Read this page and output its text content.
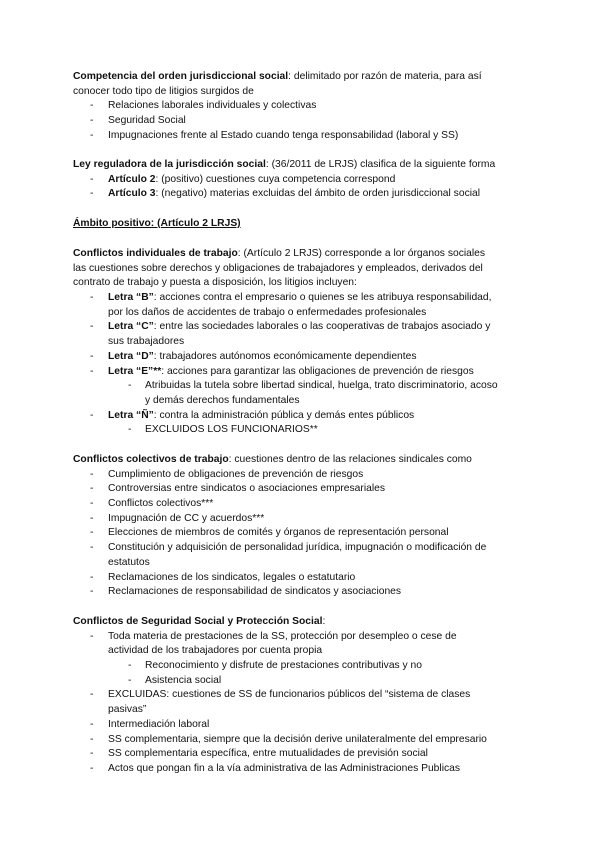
Competencia del orden jurisdiccional social: delimitado por razón de materia, para así
conocer todo tipo de litigios surgidos de
- Relaciones laborales individuales y colectivas
- Seguridad Social
- Impugnaciones frente al Estado cuando tenga responsabilidad (laboral y SS)
Ley reguladora de la jurisdicción social: (36/2011 de LRJS) clasifica de la siguiente forma
- Artículo 2: (positivo) cuestiones cuya competencia correspond
- Artículo 3: (negativo) materias excluidas del ámbito de orden jurisdiccional social
Ámbito positivo: (Artículo 2 LRJS)
Conflictos individuales de trabajo: (Artículo 2 LRJS) corresponde a lor órganos sociales
las cuestiones sobre derechos y obligaciones de trabajadores y empleados, derivados del
contrato de trabajo y puesta a disposición, los litigios incluyen:
- Letra “B”: acciones contra el empresario o quienes se les atribuya responsabilidad,
por los daños de accidentes de trabajo o enfermedades profesionales
- Letra “C”: entre las sociedades laborales o las cooperativas de trabajos asociado y
sus trabajadores
- Letra “D”: trabajadores autónomos económicamente dependientes
- Letra “E”**: acciones para garantizar las obligaciones de prevención de riesgos
- Atribuidas la tutela sobre libertad sindical, huelga, trato discriminatorio, acoso
y demás derechos fundamentales
- Letra “Ñ”: contra la administración pública y demás entes públicos
- EXCLUIDOS LOS FUNCIONARIOS**
Conflictos colectivos de trabajo: cuestiones dentro de las relaciones sindicales como
- Cumplimiento de obligaciones de prevención de riesgos
- Controversias entre sindicatos o asociaciones empresariales
- Conflictos colectivos***
- Impugnación de CC y acuerdos***
- Elecciones de miembros de comités y órganos de representación personal
- Constitución y adquisición de personalidad jurídica, impugnación o modificación de
estatutos
- Reclamaciones de los sindicatos, legales o estatutario
- Reclamaciones de responsabilidad de sindicatos y asociaciones
Conflictos de Seguridad Social y Protección Social:
- Toda materia de prestaciones de la SS, protección por desempleo o cese de
actividad de los trabajadores por cuenta propia
- Reconocimiento y disfrute de prestaciones contributivas y no
- Asistencia social
- EXCLUIDAS: cuestiones de SS de funcionarios públicos del “sistema de clases
pasivas”
- Intermediación laboral
- SS complementaria, siempre que la decisión derive unilateralmente del empresario
- SS complementaria específica, entre mutualidades de previsión social
- Actos que pongan fin a la vía administrativa de las Administraciones Publicas
